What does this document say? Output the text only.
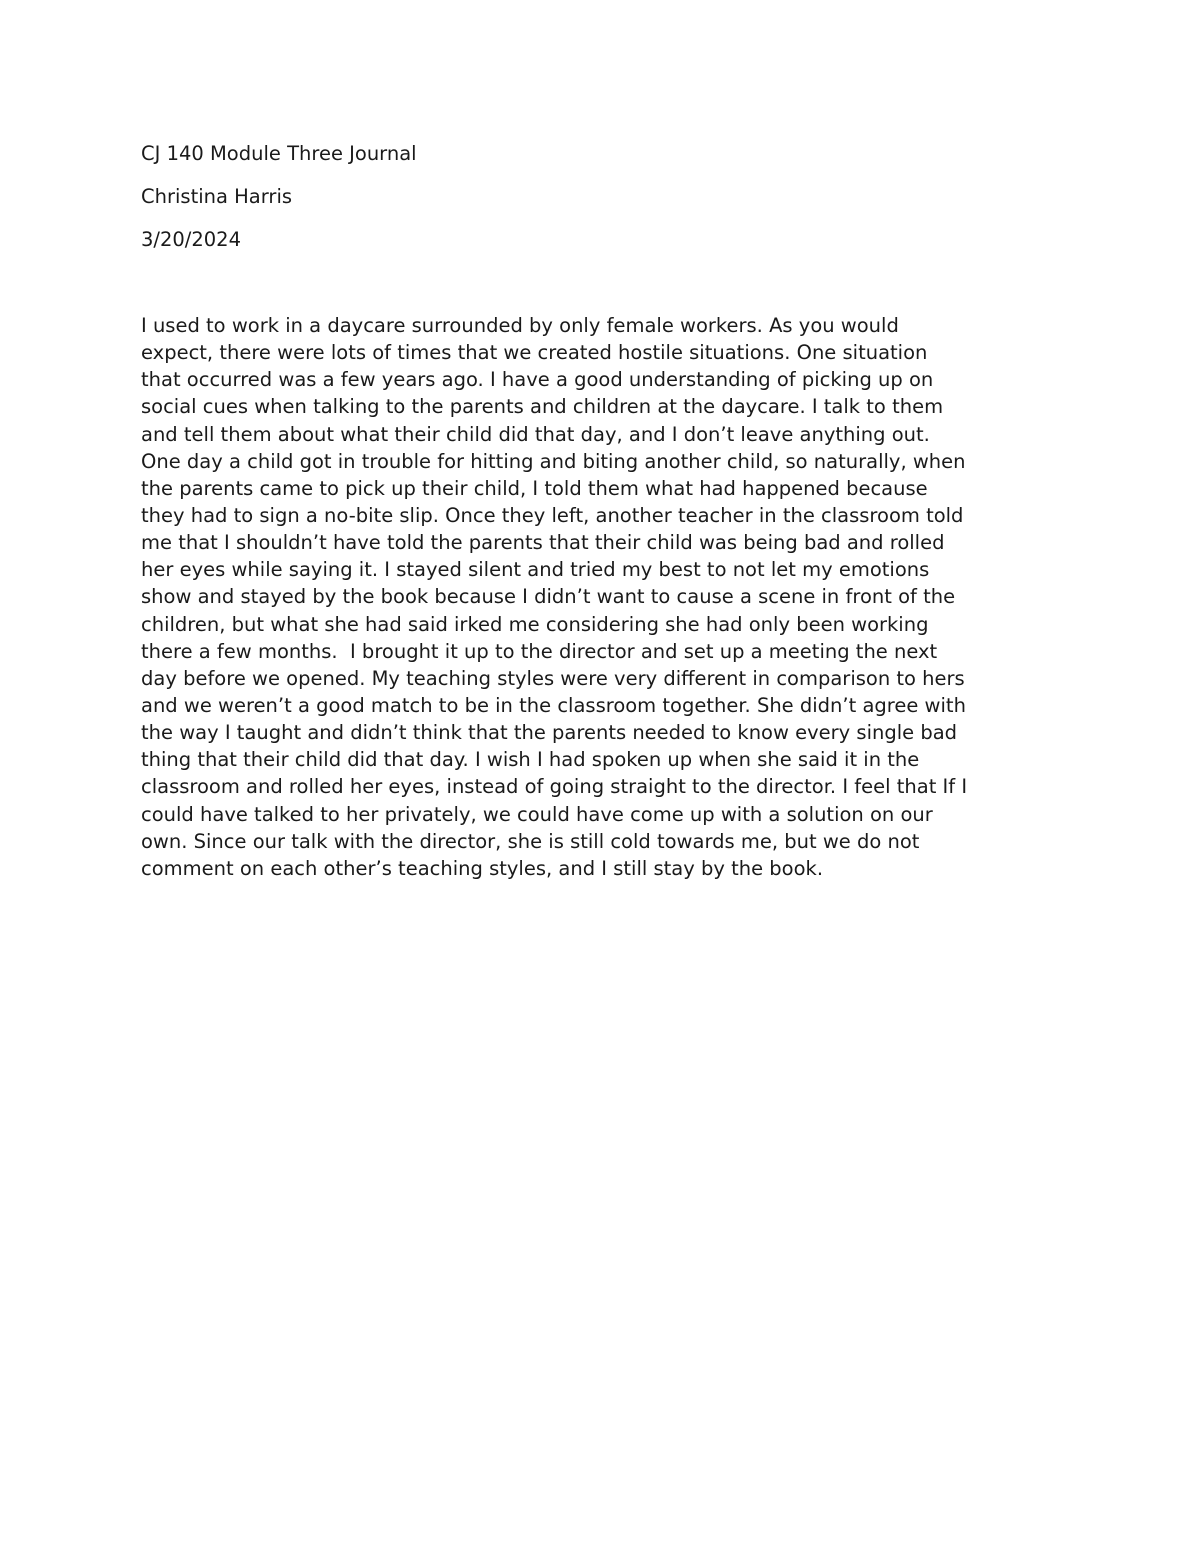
CJ 140 Module Three Journal
Christina Harris
3/20/2024
I used to work in a daycare surrounded by only female workers. As you would
expect, there were lots of times that we created hostile situations. One situation
that occurred was a few years ago. I have a good understanding of picking up on
social cues when talking to the parents and children at the daycare. I talk to them
and tell them about what their child did that day, and I don’t leave anything out.
One day a child got in trouble for hitting and biting another child, so naturally, when
the parents came to pick up their child, I told them what had happened because
they had to sign a no-bite slip. Once they left, another teacher in the classroom told
me that I shouldn’t have told the parents that their child was being bad and rolled
her eyes while saying it. I stayed silent and tried my best to not let my emotions
show and stayed by the book because I didn’t want to cause a scene in front of the
children, but what she had said irked me considering she had only been working
there a few months.  I brought it up to the director and set up a meeting the next
day before we opened. My teaching styles were very different in comparison to hers
and we weren’t a good match to be in the classroom together. She didn’t agree with
the way I taught and didn’t think that the parents needed to know every single bad
thing that their child did that day. I wish I had spoken up when she said it in the
classroom and rolled her eyes, instead of going straight to the director. I feel that If I
could have talked to her privately, we could have come up with a solution on our
own. Since our talk with the director, she is still cold towards me, but we do not
comment on each other’s teaching styles, and I still stay by the book.
